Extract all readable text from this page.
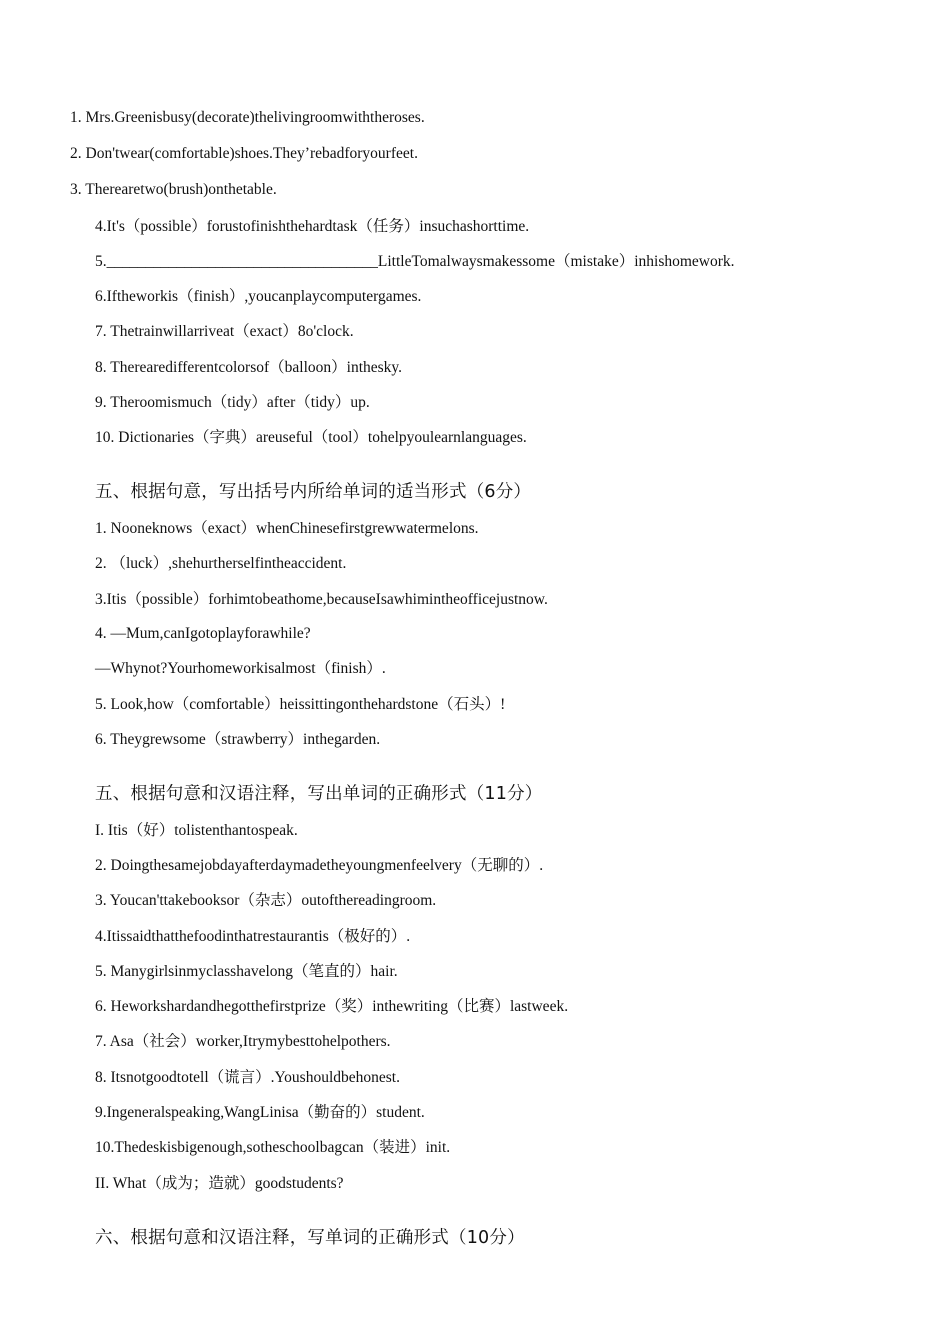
1. Mrs.Greenisbusy(decorate)thelivingroomwiththeroses.
2. Don'twear(comfortable)shoes.They’rebadforyourfeet.
3. Therearetwo(brush)onthetable.
4.It's（possible）forustofinishthehardtask（任务）insuchashorttime.
5.___________________________________LittleTomalwaysmakessome（mistake）inhishomework.
6.Iftheworkis（finish）,youcanplaycomputergames.
7. Thetrainwillarriveat（exact）8o'clock.
8. Therearedifferentcolorsof（balloon）inthesky.
9. Theroomismuch（tidy）after（tidy）up.
10. Dictionaries（字典）areuseful（tool）tohelpyoulearnlanguages.
五、根据句意，写出括号内所给单词的适当形式（6分）
1. Nooneknows（exact）whenChinesefirstgrewwatermelons.
2. （luck）,shehurtherselfintheaccident.
3.Itis（possible）forhimtobeathome,becauseIsawhimintheofficejustnow.
4. —Mum,canIgotoplayforawhile?
—Whynot?Yourhomeworkisalmost（finish）.
5. Look,how（comfortable）heissittingonthehardstone（石头）!
6. Theygrewsome（strawberry）inthegarden.
五、根据句意和汉语注释，写出单词的正确形式（11分）
I. Itis（好）tolistenthantospeak.
2. Doingthesamejobdayafterdaymadetheyoungmenfeelvery（无聊的）.
3. Youcan'ttakebooksor（杂志）outofthereadingroom.
4.Itissaidthatthefoodinthatrestaurantis（极好的）.
5. Manygirlsinmyclasshavelong（笔直的）hair.
6. Heworkshardandhegotthefirstprize（奖）inthewriting（比赛）lastweek.
7. Asa（社会）worker,Itrymybesttohelpothers.
8. Itsnotgoodtotell（谎言）.Youshouldbehonest.
9.Ingeneralspeaking,WangLinisa（勤奋的）student.
10.Thedeskisbigenough,sotheschoolbagcan（装进）init.
II. What（成为；造就）goodstudents?
六、根据句意和汉语注释，写单词的正确形式（10分）
